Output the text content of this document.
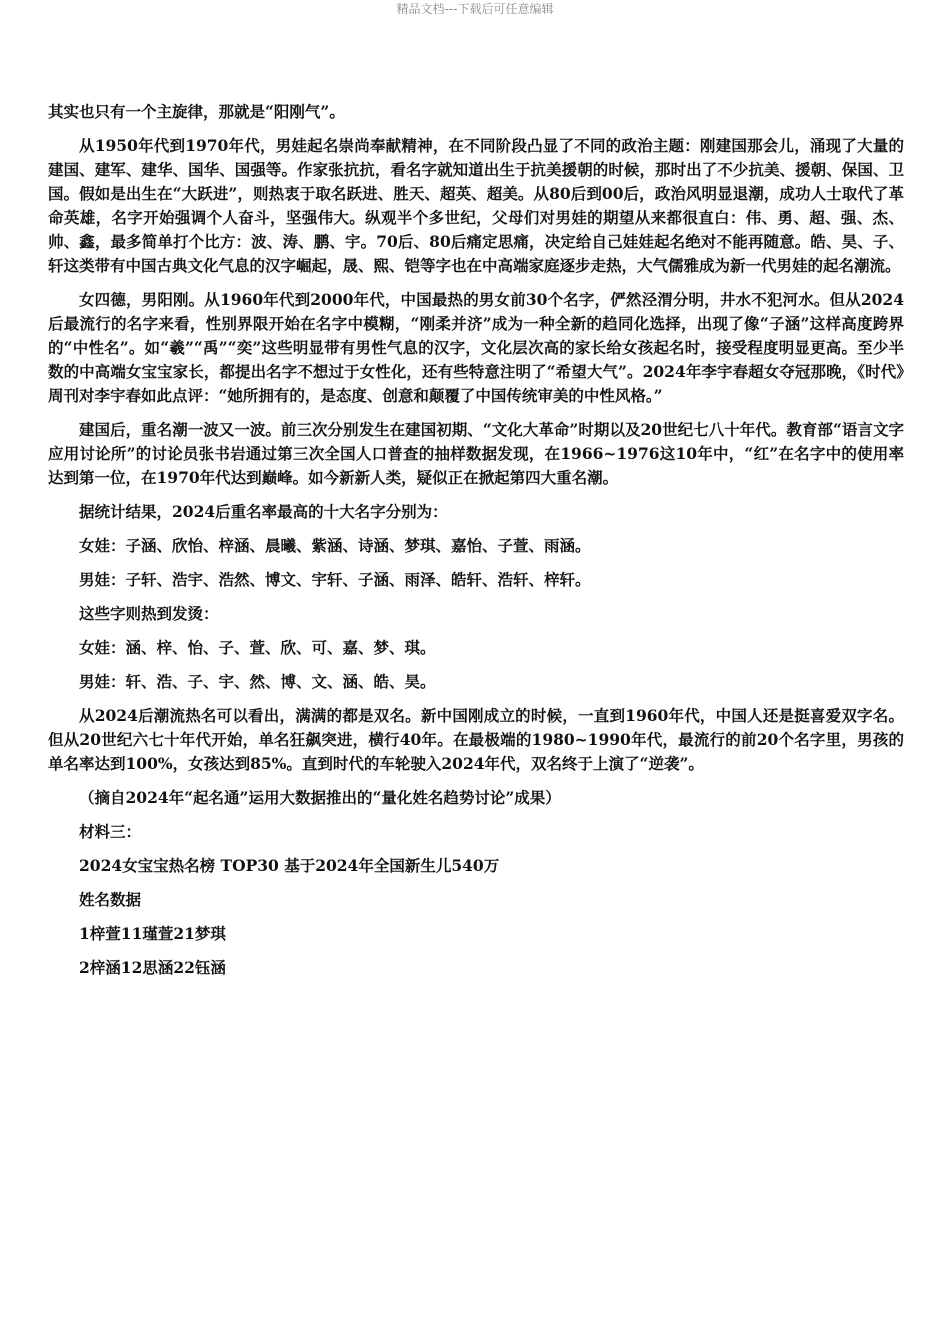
精品文档---下载后可任意编辑

其实也只有一个主旋律，那就是“阳刚气”。

从1950年代到1970年代，男娃起名崇尚奉献精神，在不同阶段凸显了不同的政治主题：刚建国那会儿，涌现了大量的建国、建军、建华、国华、国强等。作家张抗抗，看名字就知道出生于抗美援朝的时候，那时出了不少抗美、援朝、保国、卫国。假如是出生在“大跃进”，则热衷于取名跃进、胜天、超英、超美。从80后到00后，政治风明显退潮，成功人士取代了革命英雄，名字开始强调个人奋斗，坚强伟大。纵观半个多世纪，父母们对男娃的期望从来都很直白：伟、勇、超、强、杰、帅、鑫，最多简单打个比方：波、涛、鹏、宇。70后、80后痛定思痛，决定给自己娃娃起名绝对不能再随意。皓、昊、子、轩这类带有中国古典文化气息的汉字崛起，晟、熙、铠等字也在中高端家庭逐步走热，大气儒雅成为新一代男娃的起名潮流。

女四德，男阳刚。从1960年代到2000年代，中国最热的男女前30个名字，俨然泾渭分明，井水不犯河水。但从2024后最流行的名字来看，性别界限开始在名字中模糊，“刚柔并济”成为一种全新的趋同化选择，出现了像“子涵”这样高度跨界的“中性名”。如“羲”“禹”“奕”这些明显带有男性气息的汉字，文化层次高的家长给女孩起名时，接受程度明显更高。至少半数的中高端女宝宝家长，都提出名字不想过于女性化，还有些特意注明了“希望大气”。2024年李宇春超女夺冠那晚，《时代》周刊对李宇春如此点评：“她所拥有的，是态度、创意和颠覆了中国传统审美的中性风格。”

建国后，重名潮一波又一波。前三次分别发生在建国初期、“文化大革命”时期以及20世纪七八十年代。教育部“语言文字应用讨论所”的讨论员张书岩通过第三次全国人口普查的抽样数据发现，在1966~1976这10年中，“红”在名字中的使用率达到第一位，在1970年代达到巅峰。如今新新人类，疑似正在掀起第四大重名潮。

据统计结果，2024后重名率最高的十大名字分别为：

女娃：子涵、欣怡、梓涵、晨曦、紫涵、诗涵、梦琪、嘉怡、子萱、雨涵。

男娃：子轩、浩宇、浩然、博文、宇轩、子涵、雨泽、皓轩、浩轩、梓轩。

这些字则热到发烫：

女娃：涵、梓、怡、子、萱、欣、可、嘉、梦、琪。

男娃：轩、浩、子、宇、然、博、文、涵、皓、昊。

从2024后潮流热名可以看出，满满的都是双名。新中国刚成立的时候，一直到1960年代，中国人还是挺喜爱双字名。但从20世纪六七十年代开始，单名狂飙突进，横行40年。在最极端的1980~1990年代，最流行的前20个名字里，男孩的单名率达到100%，女孩达到85%。直到时代的车轮驶入2024年代，双名终于上演了“逆袭”。

（摘自2024年“起名通”运用大数据推出的“量化姓名趋势讨论”成果）

材料三：

2024女宝宝热名榜 TOP30 基于2024年全国新生儿540万

姓名数据

1梓萱11瑾萱21梦琪

2梓涵12思涵22钰涵
